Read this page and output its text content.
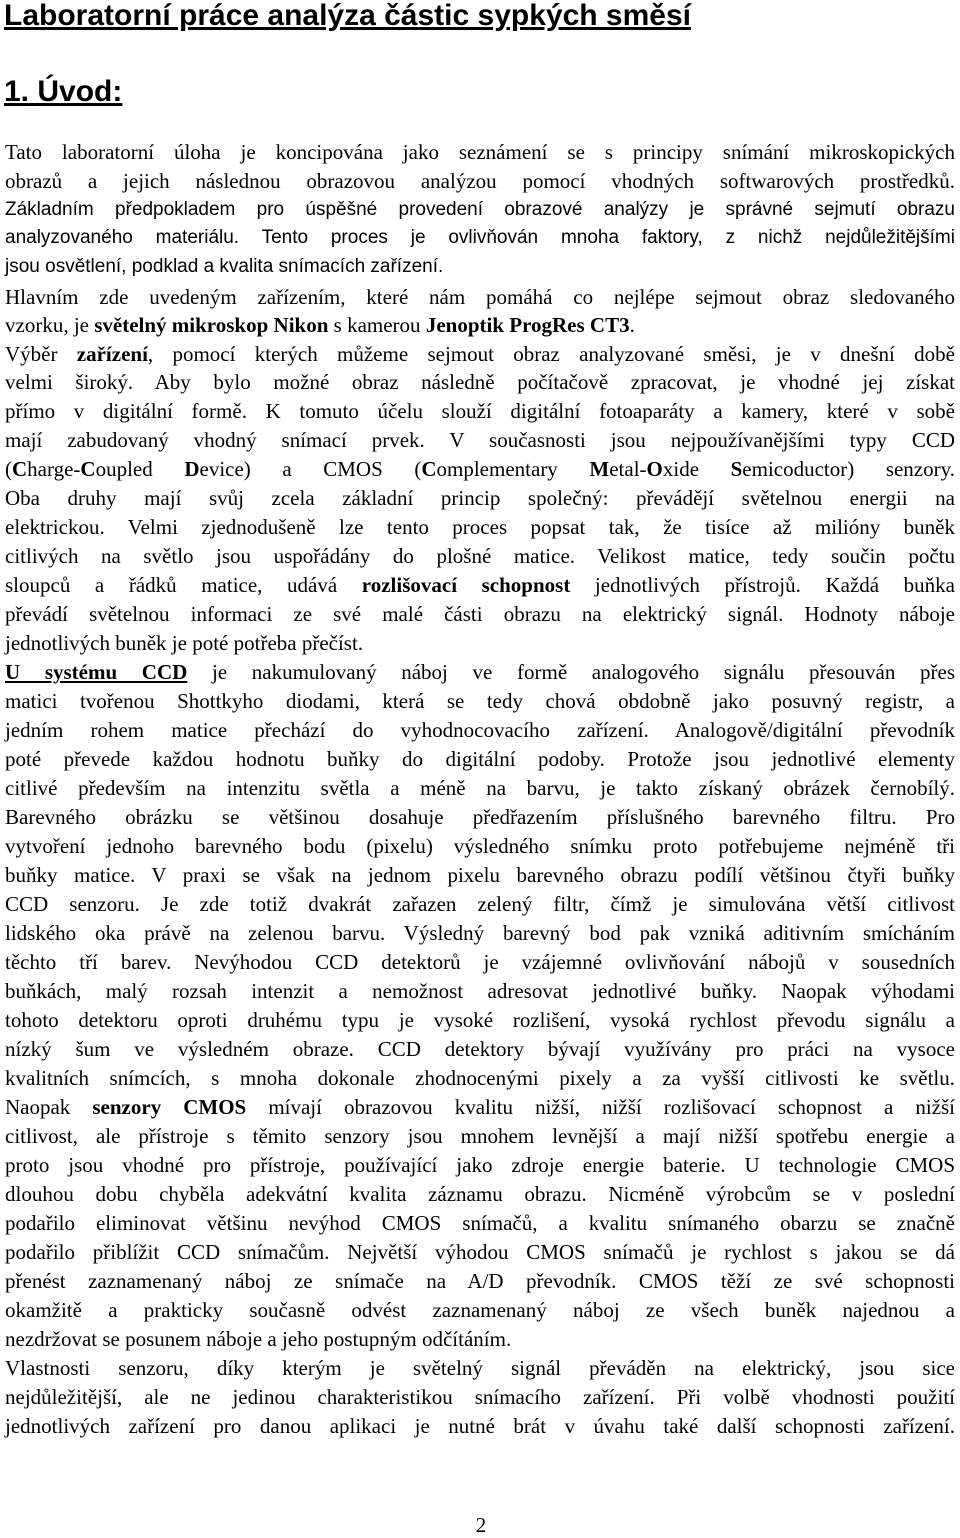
Laboratorní práce analýza částic sypkých směsí
1. Úvod:
Tato laboratorní úloha je koncipována jako seznámení se s principy snímání mikroskopických
obrazů a jejich následnou obrazovou analýzou pomocí vhodných softwarových prostředků.
Základním předpokladem pro úspěšné provedení obrazové analýzy je správné sejmutí obrazu
analyzovaného materiálu. Tento proces je ovlivňován mnoha faktory, z nichž nejdůležitějšími
jsou osvětlení, podklad a kvalita snímacích zařízení.
Hlavním zde uvedeným zařízením, které nám pomáhá co nejlépe sejmout obraz sledovaného
vzorku, je světelný mikroskop Nikon s kamerou Jenoptik ProgRes CT3.
Výběr zařízení, pomocí kterých můžeme sejmout obraz analyzované směsi, je v dnešní době
velmi široký. Aby bylo možné obraz následně počítačově zpracovat, je vhodné jej získat
přímo v digitální formě. K tomuto účelu slouží digitální fotoaparáty a kamery, které v sobě
mají zabudovaný vhodný snímací prvek. V současnosti jsou nejpoužívanějšími typy CCD
(Charge-Coupled Device) a CMOS (Complementary Metal-Oxide Semicoductor) senzory.
Oba druhy mají svůj zcela základní princip společný: převádějí světelnou energii na
elektrickou. Velmi zjednodušeně lze tento proces popsat tak, že tisíce až milióny buněk
citlivých na světlo jsou uspořádány do plošné matice. Velikost matice, tedy součin počtu
sloupců a řádků matice, udává rozlišovací schopnost jednotlivých přístrojů. Každá buňka
převádí světelnou informaci ze své malé části obrazu na elektrický signál. Hodnoty náboje
jednotlivých buněk je poté potřeba přečíst.
U systému CCD je nakumulovaný náboj ve formě analogového signálu přesouván přes
matici tvořenou Shottkyho diodami, která se tedy chová obdobně jako posuvný registr, a
jedním rohem matice přechází do vyhodnocovacího zařízení. Analogově/digitální převodník
poté převede každou hodnotu buňky do digitální podoby. Protože jsou jednotlivé elementy
citlivé především na intenzitu světla a méně na barvu, je takto získaný obrázek černobílý.
Barevného obrázku se většinou dosahuje předřazením příslušného barevného filtru. Pro
vytvoření jednoho barevného bodu (pixelu) výsledného snímku proto potřebujeme nejméně tři
buňky matice. V praxi se však na jednom pixelu barevného obrazu podílí většinou čtyři buňky
CCD senzoru. Je zde totiž dvakrát zařazen zelený filtr, čímž je simulována větší citlivost
lidského oka právě na zelenou barvu. Výsledný barevný bod pak vzniká aditivním smícháním
těchto tří barev. Nevýhodou CCD detektorů je vzájemné ovlivňování nábojů v sousedních
buňkách, malý rozsah intenzit a nemožnost adresovat jednotlivé buňky. Naopak výhodami
tohoto detektoru oproti druhému typu je vysoké rozlišení, vysoká rychlost převodu signálu a
nízký šum ve výsledném obraze. CCD detektory bývají využívány pro práci na vysoce
kvalitních snímcích, s mnoha dokonale zhodnocenými pixely a za vyšší citlivosti ke světlu.
Naopak senzory CMOS mívají obrazovou kvalitu nižší, nižší rozlišovací schopnost a nižší
citlivost, ale přístroje s těmito senzory jsou mnohem levnější a mají nižší spotřebu energie a
proto jsou vhodné pro přístroje, používající jako zdroje energie baterie. U technologie CMOS
dlouhou dobu chyběla adekvátní kvalita záznamu obrazu. Nicméně výrobcům se v poslední
podařilo eliminovat většinu nevýhod CMOS snímačů, a kvalitu snímaného obarzu se značně
podařilo přiblížit CCD snímačům. Největší výhodou CMOS snímačů je rychlost s jakou se dá
přenést zaznamenaný náboj ze snímače na A/D převodník. CMOS těží ze své schopnosti
okamžitě a prakticky současně odvést zaznamenaný náboj ze všech buněk najednou a
nezdržovat se posunem náboje a jeho postupným odčítáním.
Vlastnosti senzoru, díky kterým je světelný signál převáděn na elektrický, jsou sice
nejdůležitější, ale ne jedinou charakteristikou snímacího zařízení. Při volbě vhodnosti použití
jednotlivých zařízení pro danou aplikaci je nutné brát v úvahu také další schopnosti zařízení.
2
